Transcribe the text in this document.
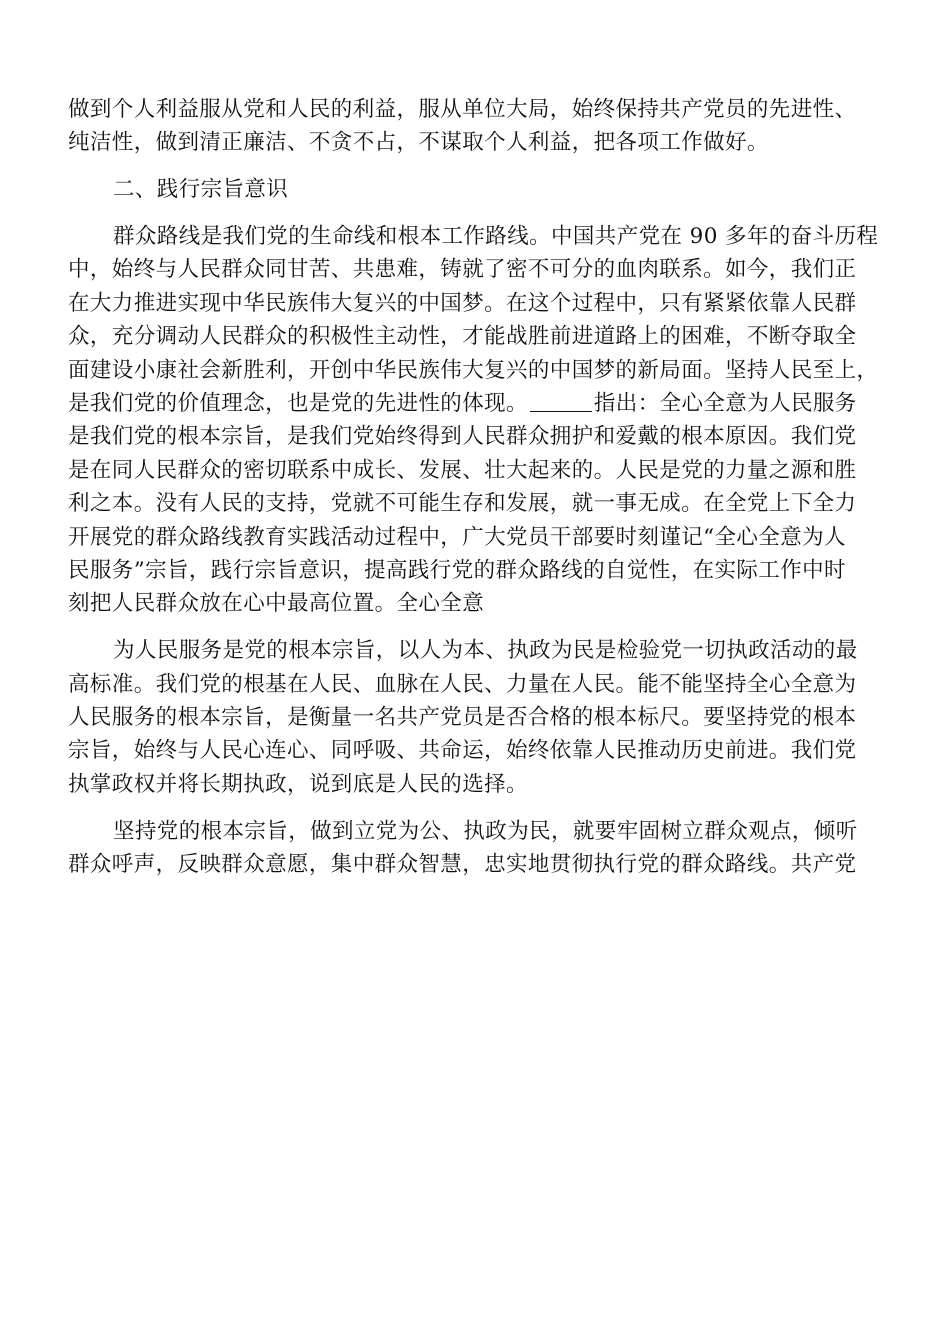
做到个人利益服从党和人民的利益，服从单位大局，始终保持共产党员的先进性、
纯洁性，做到清正廉洁、不贪不占，不谋取个人利益，把各项工作做好。

二、践行宗旨意识

群众路线是我们党的生命线和根本工作路线。中国共产党在 90 多年的奋斗历程
中，始终与人民群众同甘苦、共患难，铸就了密不可分的血肉联系。如今，我们正
在大力推进实现中华民族伟大复兴的中国梦。在这个过程中，只有紧紧依靠人民群
众，充分调动人民群众的积极性主动性，才能战胜前进道路上的困难，不断夺取全
面建设小康社会新胜利，开创中华民族伟大复兴的中国梦的新局面。坚持人民至上，
是我们党的价值理念，也是党的先进性的体现。	指出：全心全意为人民服务
是我们党的根本宗旨，是我们党始终得到人民群众拥护和爱戴的根本原因。我们党
是在同人民群众的密切联系中成长、发展、壮大起来的。人民是党的力量之源和胜
利之本。没有人民的支持，党就不可能生存和发展，就一事无成。在全党上下全力
开展党的群众路线教育实践活动过程中，广大党员干部要时刻谨记“全心全意为人
民服务”宗旨，践行宗旨意识，提高践行党的群众路线的自觉性，在实际工作中时
刻把人民群众放在心中最高位置。全心全意

为人民服务是党的根本宗旨，以人为本、执政为民是检验党一切执政活动的最
高标准。我们党的根基在人民、血脉在人民、力量在人民。能不能坚持全心全意为
人民服务的根本宗旨，是衡量一名共产党员是否合格的根本标尺。要坚持党的根本
宗旨，始终与人民心连心、同呼吸、共命运，始终依靠人民推动历史前进。我们党
执掌政权并将长期执政，说到底是人民的选择。

坚持党的根本宗旨，做到立党为公、执政为民，就要牢固树立群众观点，倾听
群众呼声，反映群众意愿，集中群众智慧，忠实地贯彻执行党的群众路线。共产党
